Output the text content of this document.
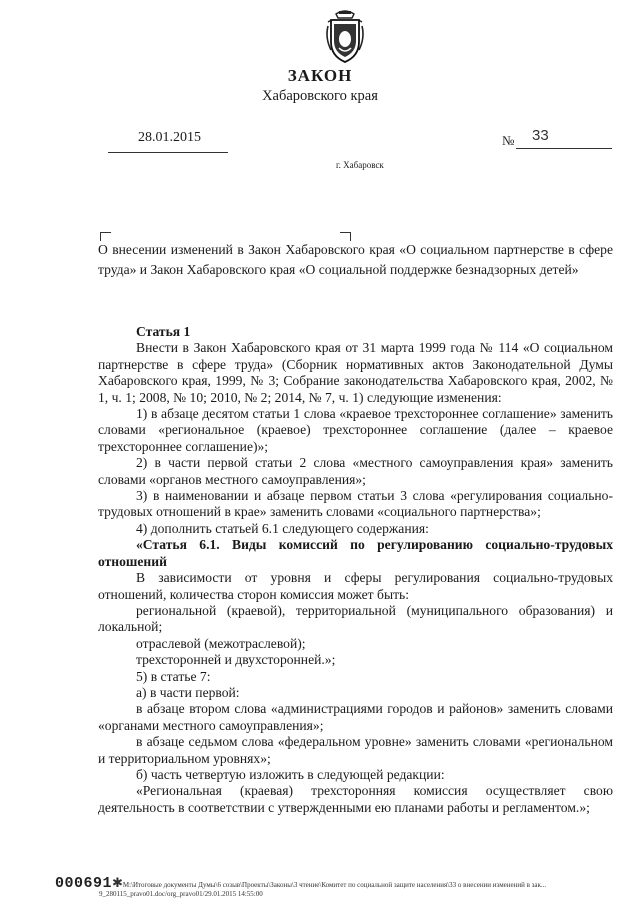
ЗАКОН
Хабаровского края
28.01.2015	№ 33
г. Хабаровск
О внесении изменений в Закон Хабаровского края «О социальном партнерстве в сфере труда» и Закон Хабаровского края «О социальной поддержке безнадзорных детей»

Статья 1

Внести в Закон Хабаровского края от 31 марта 1999 года № 114 «О социальном партнерстве в сфере труда» (Сборник нормативных актов Законодательной Думы Хабаровского края, 1999, № 3; Собрание законодательства Хабаровского края, 2002, № 1, ч. 1; 2008, № 10; 2010, № 2; 2014, № 7, ч. 1) следующие изменения:

1) в абзаце десятом статьи 1 слова «краевое трехстороннее соглашение» заменить словами «региональное (краевое) трехстороннее соглашение (далее – краевое трехстороннее соглашение)»;

2) в части первой статьи 2 слова «местного самоуправления края» заменить словами «органов местного самоуправления»;

3) в наименовании и абзаце первом статьи 3 слова «регулирования социально-трудовых отношений в крае» заменить словами «социального партнерства»;

4) дополнить статьей 6.1 следующего содержания:

«Статья 6.1. Виды комиссий по регулированию социально-трудовых отношений

В зависимости от уровня и сферы регулирования социально-трудовых отношений, количества сторон комиссия может быть:

региональной (краевой), территориальной (муниципального образования) и локальной;

отраслевой (межотраслевой);

трехсторонней и двухсторонней.»;

5) в статье 7:

а) в части первой:

в абзаце втором слова «администрациями городов и районов» заменить словами «органами местного самоуправления»;

в абзаце седьмом слова «федеральном уровне» заменить словами «региональном и территориальном уровнях»;

б) часть четвертую изложить в следующей редакции:

«Региональная (краевая) трехсторонняя комиссия осуществляет свою деятельность в соответствии с утвержденными ею планами работы и регламентом.»;

000691✱М:\Итоговые документы Думы\6 созыв\Проекты\Законы\3 чтение\Комитет по социальной защите населения\33 о внесении изменений в зак...
9_280115_pravo01.doc/org_pravo01/29.01.2015 14:55:00
